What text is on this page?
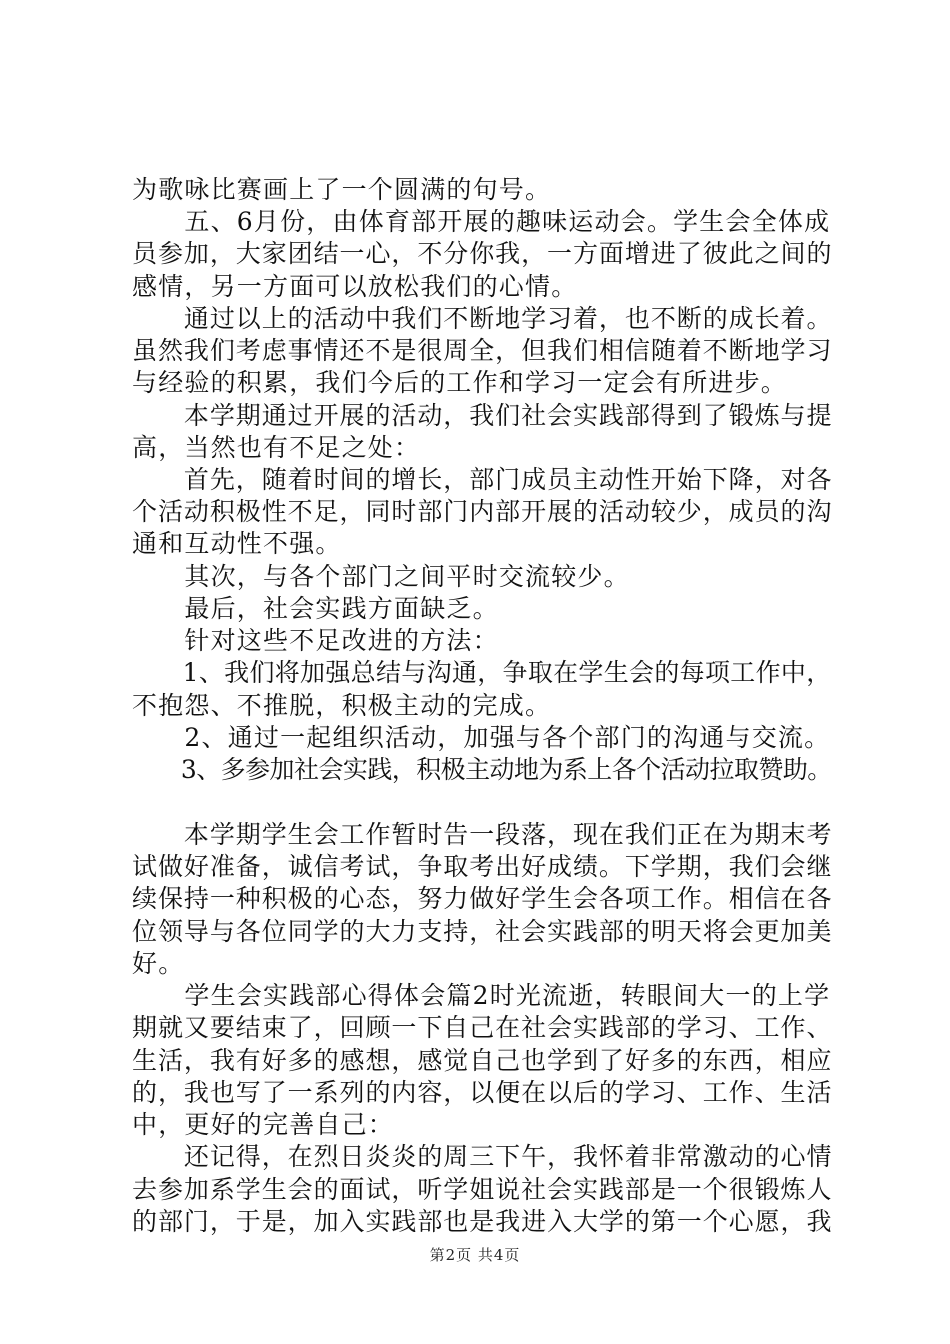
为歌咏比赛画上了一个圆满的句号。
　　五、6月份，由体育部开展的趣味运动会。学生会全体成
员参加，大家团结一心，不分你我，一方面增进了彼此之间的
感情，另一方面可以放松我们的心情。
　　通过以上的活动中我们不断地学习着，也不断的成长着。
虽然我们考虑事情还不是很周全，但我们相信随着不断地学习
与经验的积累，我们今后的工作和学习一定会有所进步。
　　本学期通过开展的活动，我们社会实践部得到了锻炼与提
高，当然也有不足之处：
　　首先，随着时间的增长，部门成员主动性开始下降，对各
个活动积极性不足，同时部门内部开展的活动较少，成员的沟
通和互动性不强。
　　其次，与各个部门之间平时交流较少。
　　最后，社会实践方面缺乏。
　　针对这些不足改进的方法：
　　1、我们将加强总结与沟通，争取在学生会的每项工作中，
不抱怨、不推脱，积极主动的完成。
　　2、通过一起组织活动，加强与各个部门的沟通与交流。
　　3、多参加社会实践，积极主动地为系上各个活动拉取赞助。
　　本学期学生会工作暂时告一段落，现在我们正在为期末考
试做好准备，诚信考试，争取考出好成绩。下学期，我们会继
续保持一种积极的心态，努力做好学生会各项工作。相信在各
位领导与各位同学的大力支持，社会实践部的明天将会更加美
好。
　　学生会实践部心得体会篇2时光流逝，转眼间大一的上学
期就又要结束了，回顾一下自己在社会实践部的学习、工作、
生活，我有好多的感想，感觉自己也学到了好多的东西，相应
的，我也写了一系列的内容，以便在以后的学习、工作、生活
中，更好的完善自己：
　　还记得，在烈日炎炎的周三下午，我怀着非常激动的心情
去参加系学生会的面试，听学姐说社会实践部是一个很锻炼人
的部门，于是，加入实践部也是我进入大学的第一个心愿，我
第2页 共4页
